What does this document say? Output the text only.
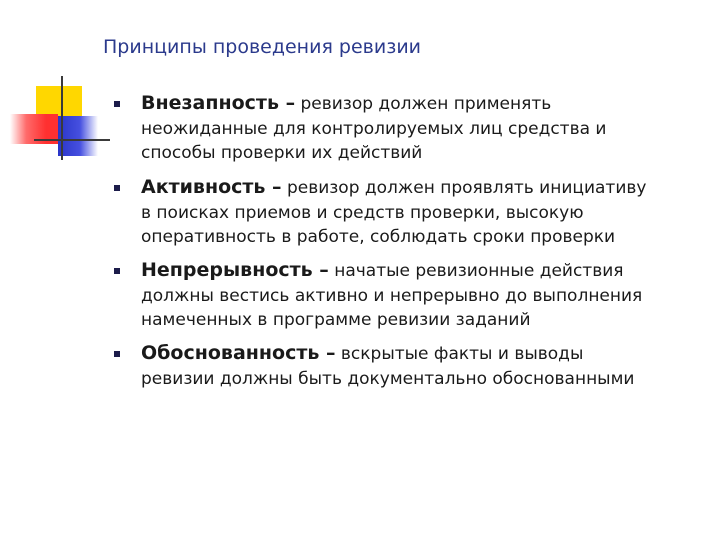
Принципы проведения ревизии
Внезапность – ревизор должен применять
неожиданные для контролируемых лиц средства и
способы проверки их действий
Активность – ревизор должен проявлять инициативу
в поисках приемов и средств проверки, высокую
оперативность в работе, соблюдать сроки проверки
Непрерывность – начатые ревизионные действия
должны вестись активно и непрерывно до выполнения
намеченных в программе ревизии заданий
Обоснованность – вскрытые факты и выводы
ревизии должны быть документально обоснованными
